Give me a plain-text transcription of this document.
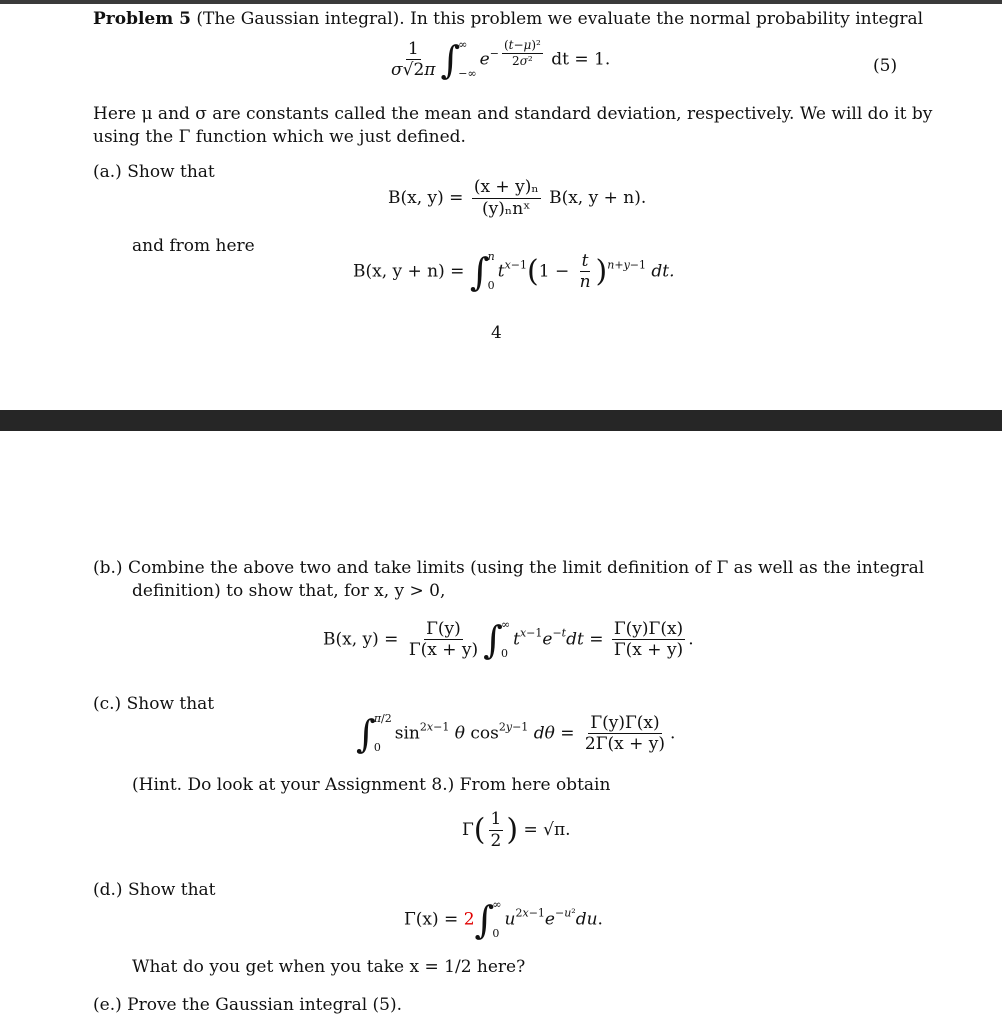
Problem 5 (The Gaussian integral). In this problem we evaluate the normal probability integral
$\frac{1}{\sigma√2\pi}$ ∫
∞
−∞
$e^{- \frac{\text{(t−μ)²}}{\text{2σ²}}}$ dt = 1.	(5)
Here μ and σ are constants called the mean and standard deviation, respectively. We will do it by
using the Γ function which we just defined.
(a.) Show that
B(x, $y) = \frac{\text{(x + y)ₙ}}{\text{(y)ₙnˣ}} B(x$, y + n).
and from here
B(x, y + n) = ∫
n
0
$t^{x-1}(1 - \frac{t}{n} )^{n+y-1}$ dt.
4
(b.) Combine the above two and take limits (using the limit definition of Γ as well as the integral
definition) to show that, for x, y > 0,
B(x, $y) = \frac{\Gamma(y)}{\Gamma(x + y)}$ ∫
∞
0
$t^{x-1}e^{-t}dt = \frac{\Gamma(y)\Gamma(x)}{\Gamma(x + y)}$ .
(c.) Show that
∫
π/2
0
$\sin^{2x-1} \theta$ $\cos^{2y-1} d\theta = \frac{\Gamma(y)\Gamma(x)}{2\Gamma(x + y)}$ .
(Hint. Do look at your Assignment 8.) From here obtain
$\Gamma( \frac{1}{2}$ ) = √π.
(d.) Show that
Γ(x) = 2∫
∞
0
$u^{2x-1}e^{-u^2}du$.
What do you get when you take x = 1/2 here?
(e.) Prove the Gaussian integral (5).
